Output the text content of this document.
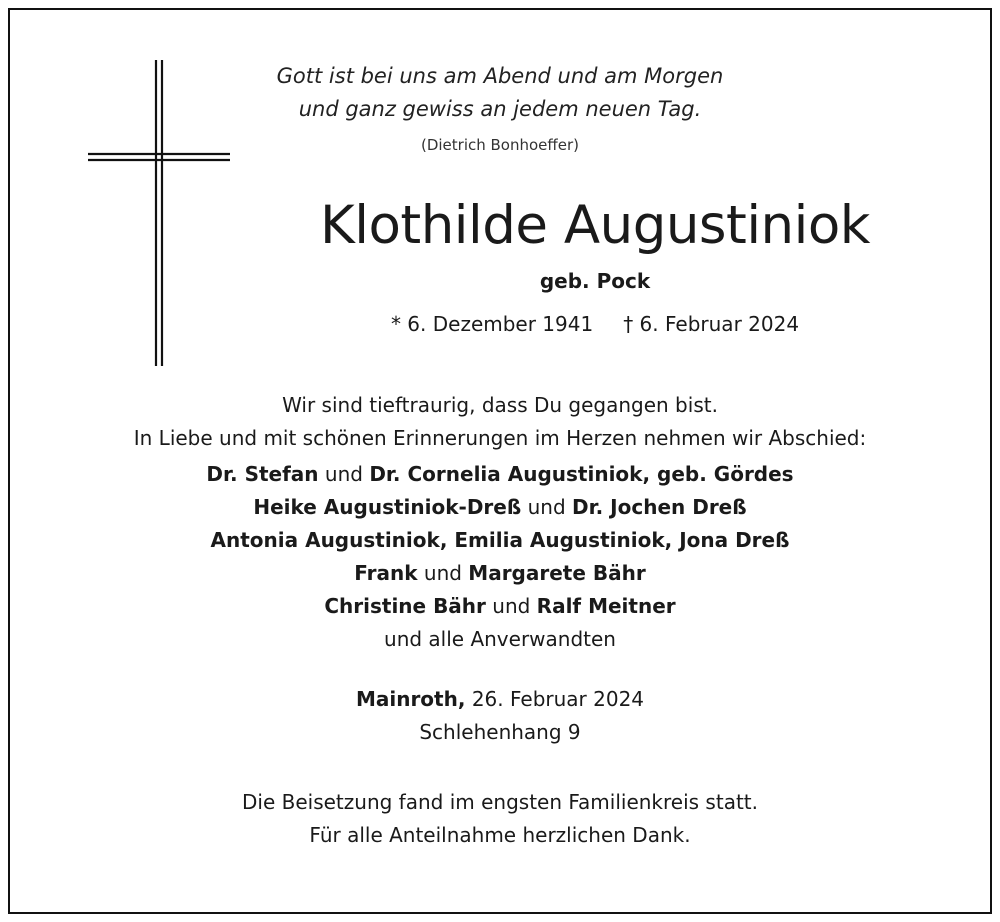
Gott ist bei uns am Abend und am Morgen
und ganz gewiss an jedem neuen Tag.
(Dietrich Bonhoeffer)
Klothilde Augustiniok
geb. Pock
* 6. Dezember 1941 † 6. Februar 2024
Wir sind tieftraurig, dass Du gegangen bist.
In Liebe und mit schönen Erinnerungen im Herzen nehmen wir Abschied:
Dr. Stefan und Dr. Cornelia Augustiniok, geb. Gördes
Heike Augustiniok-Dreß und Dr. Jochen Dreß
Antonia Augustiniok, Emilia Augustiniok, Jona Dreß
Frank und Margarete Bähr
Christine Bähr und Ralf Meitner
und alle Anverwandten
Mainroth, 26. Februar 2024
Schlehenhang 9
Die Beisetzung fand im engsten Familienkreis statt.
Für alle Anteilnahme herzlichen Dank.
